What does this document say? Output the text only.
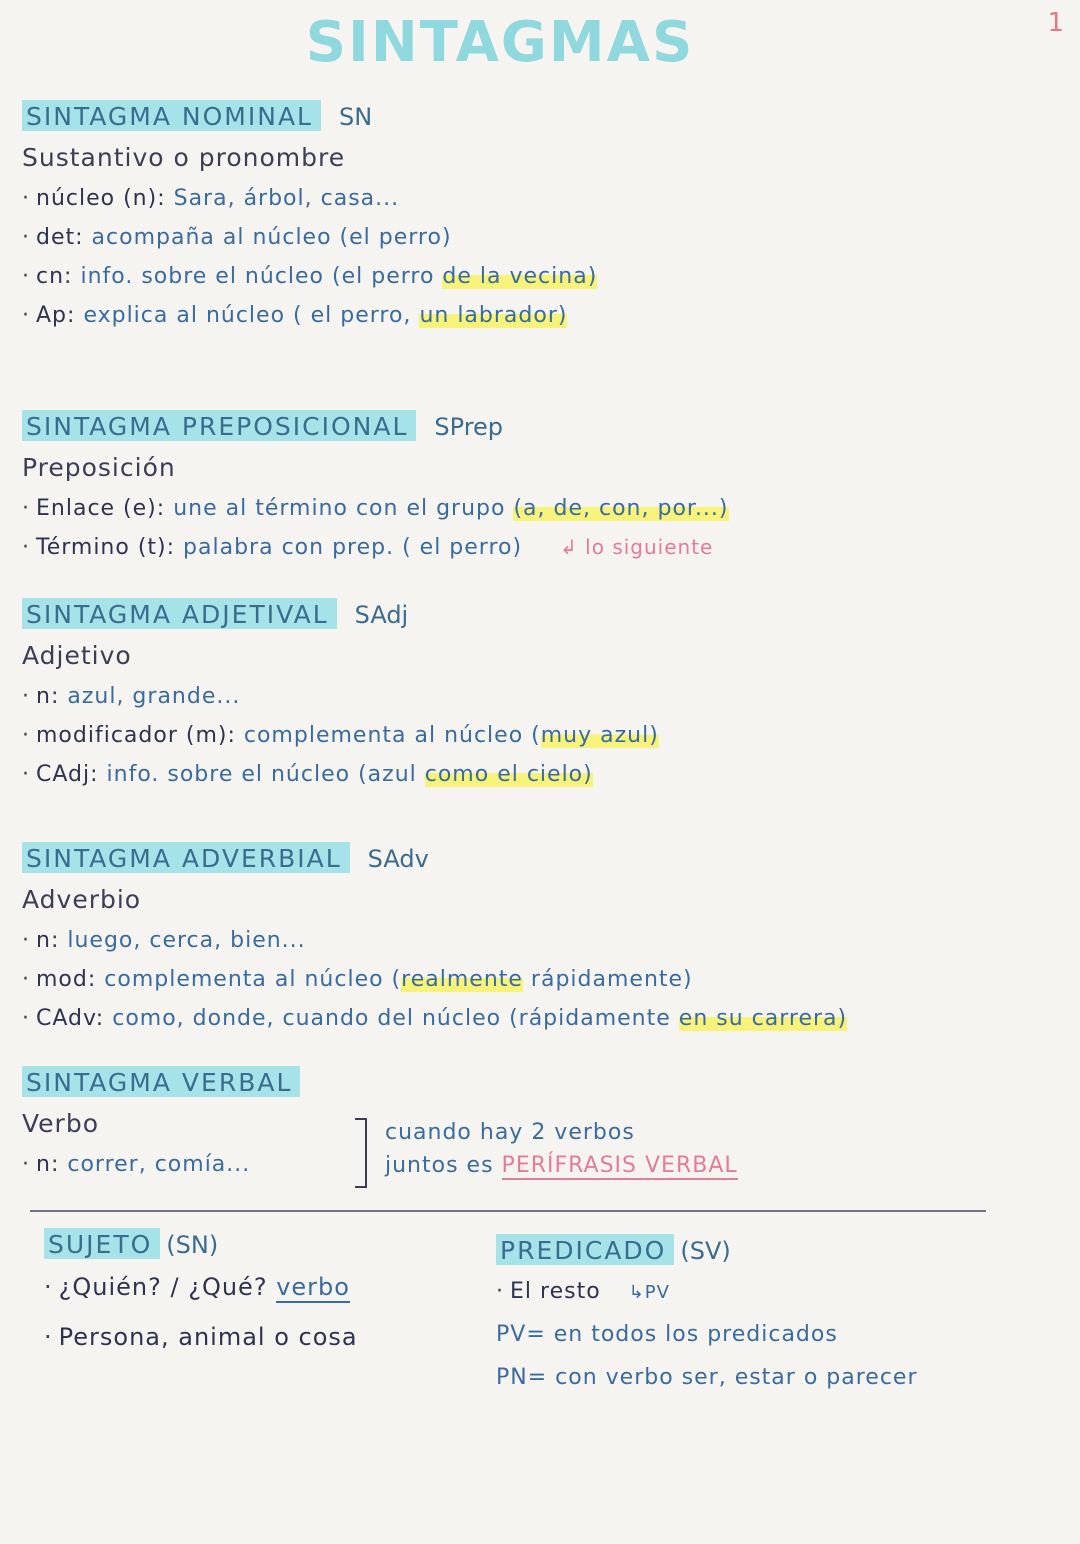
1
SINTAGMAS
SINTAGMA NOMINAL	SN
Sustantivo o pronombre
· núcleo (n): Sara, árbol, casa...
· det: acompaña al núcleo (el perro)
· cn: info. sobre el núcleo (el perro de la vecina)
· Ap: explica al núcleo ( el perro, un labrador)
SINTAGMA PREPOSICIONAL	SPrep
Preposición
· Enlace (e): une al término con el grupo (a, de, con, por...)
· Término (t): palabra con prep. ( el perro) ↲ lo siguiente
SINTAGMA ADJETIVAL	SAdj
Adjetivo
· n: azul, grande...
· modificador (m): complementa al núcleo (muy azul)
· CAdj: info. sobre el núcleo (azul como el cielo)
SINTAGMA ADVERBIAL	SAdv
Adverbio
· n: luego, cerca, bien...
· mod: complementa al núcleo (realmente rápidamente)
· CAdv: como, donde, cuando del núcleo (rápidamente en su carrera)
SINTAGMA VERBAL
Verbo
· n: correr, comía...
cuando hay 2 verbos
juntos es PERÍFRASIS VERBAL
SUJETO (SN)
· ¿Quién? / ¿Qué? verbo
· Persona, animal o cosa
PREDICADO (SV)
· El resto ↳PV
PV= en todos los predicados
PN= con verbo ser, estar o parecer
